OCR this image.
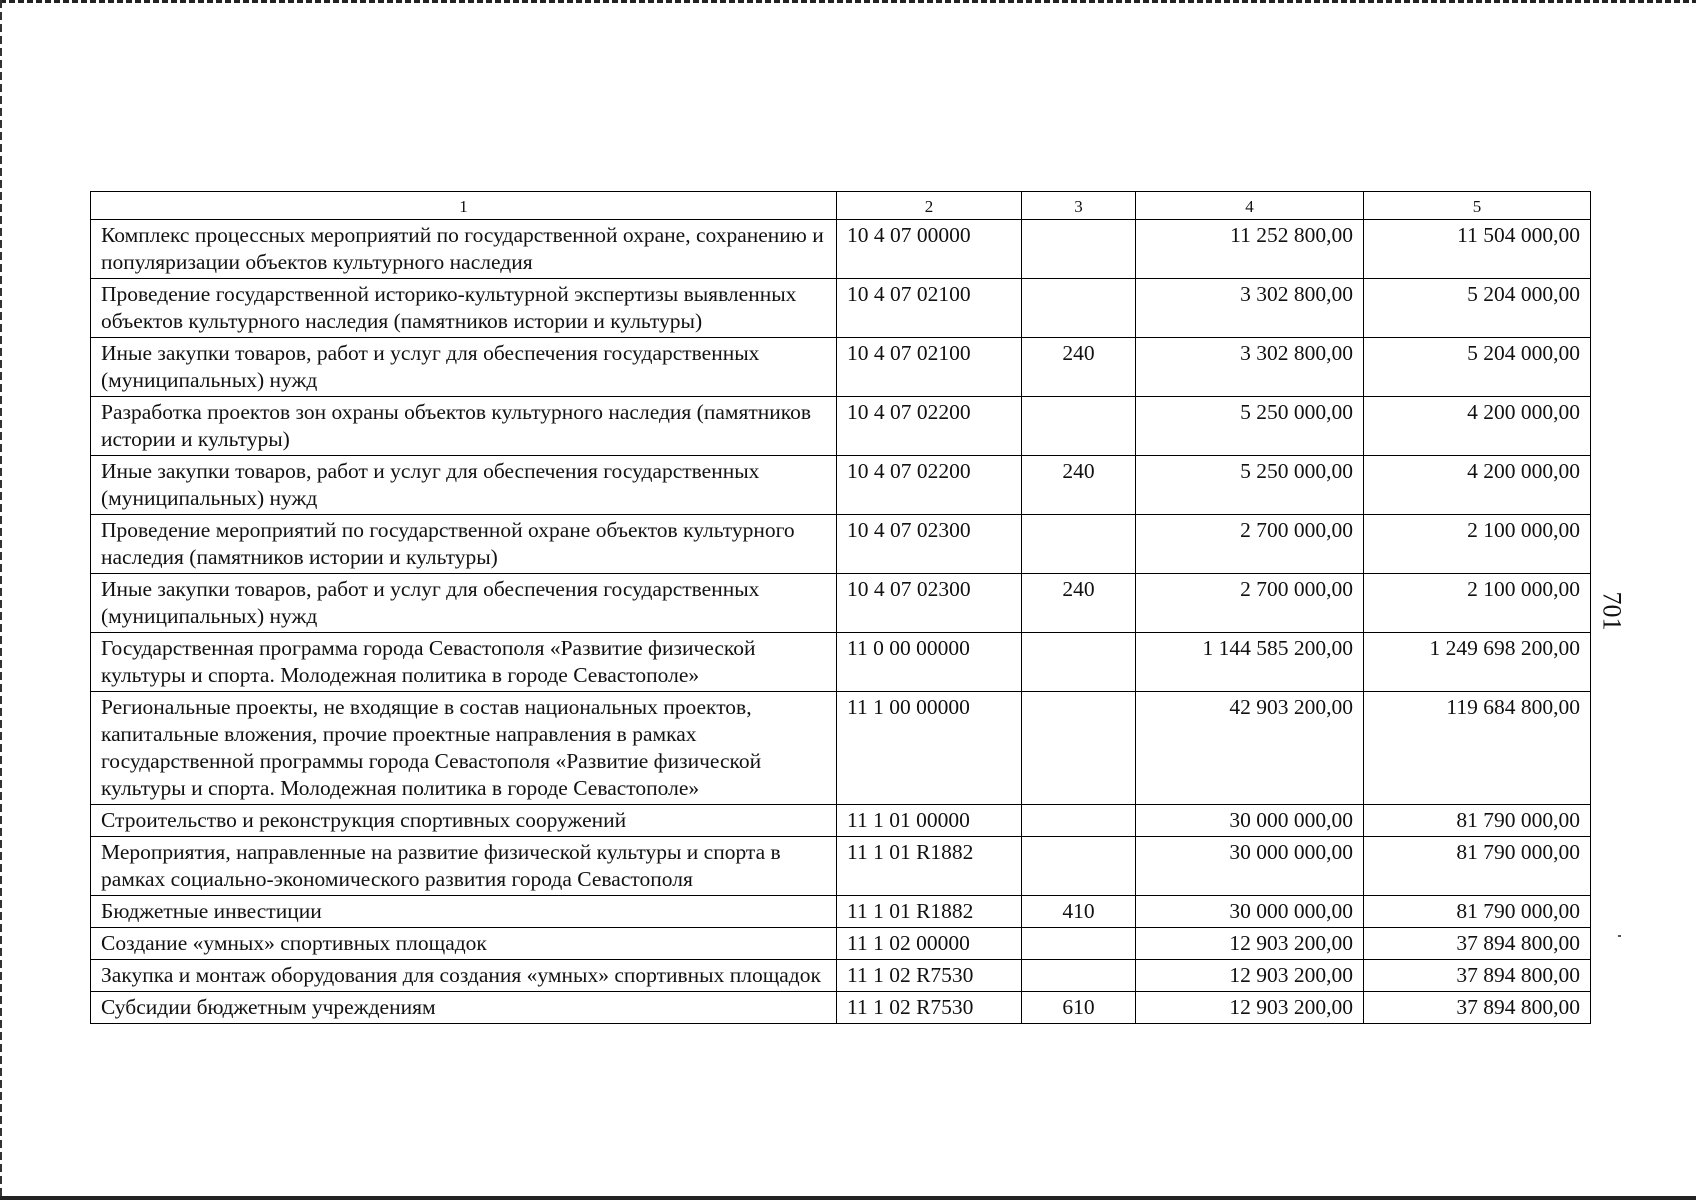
701
1	2	3	4	5
Комплекс процессных мероприятий по государственной охране, сохранению и популяризации объектов культурного наследия	10 4 07 00000		11 252 800,00	11 504 000,00
Проведение государственной историко-культурной экспертизы выявленных объектов культурного наследия (памятников истории и культуры)	10 4 07 02100		3 302 800,00	5 204 000,00
Иные закупки товаров, работ и услуг для обеспечения государственных (муниципальных) нужд	10 4 07 02100	240	3 302 800,00	5 204 000,00
Разработка проектов зон охраны объектов культурного наследия (памятников истории и культуры)	10 4 07 02200		5 250 000,00	4 200 000,00
Иные закупки товаров, работ и услуг для обеспечения государственных (муниципальных) нужд	10 4 07 02200	240	5 250 000,00	4 200 000,00
Проведение мероприятий по государственной охране объектов культурного наследия (памятников истории и культуры)	10 4 07 02300		2 700 000,00	2 100 000,00
Иные закупки товаров, работ и услуг для обеспечения государственных (муниципальных) нужд	10 4 07 02300	240	2 700 000,00	2 100 000,00
Государственная программа города Севастополя «Развитие физической культуры и спорта. Молодежная политика в городе Севастополе»	11 0 00 00000		1 144 585 200,00	1 249 698 200,00
Региональные проекты, не входящие в состав национальных проектов, капитальные вложения, прочие проектные направления в рамках государственной программы города Севастополя «Развитие физической культуры и спорта. Молодежная политика в городе Севастополе»	11 1 00 00000		42 903 200,00	119 684 800,00
Строительство и реконструкция спортивных сооружений	11 1 01 00000		30 000 000,00	81 790 000,00
Мероприятия, направленные на развитие физической культуры и спорта в рамках социально-экономического развития города Севастополя	11 1 01 R1882		30 000 000,00	81 790 000,00
Бюджетные инвестиции	11 1 01 R1882	410	30 000 000,00	81 790 000,00
Создание «умных» спортивных площадок	11 1 02 00000		12 903 200,00	37 894 800,00
Закупка и монтаж оборудования для создания «умных» спортивных площадок	11 1 02 R7530		12 903 200,00	37 894 800,00
Субсидии бюджетным учреждениям	11 1 02 R7530	610	12 903 200,00	37 894 800,00
